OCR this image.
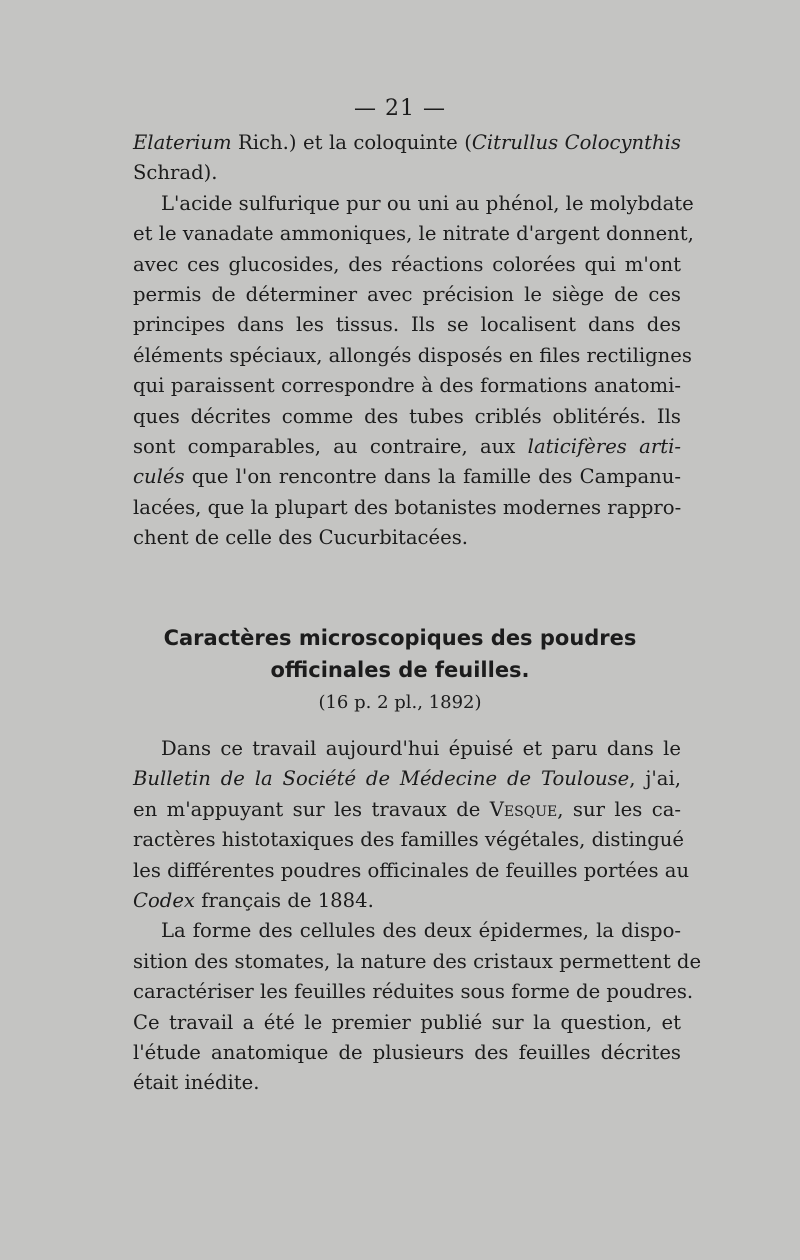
— 21 —
Elaterium Rich.) et la coloquinte (Citrullus Colocynthis
Schrad).
L'acide sulfurique pur ou uni au phénol, le molybdate
et le vanadate ammoniques, le nitrate d'argent donnent,
avec ces glucosides, des réactions colorées qui m'ont
permis de déterminer avec précision le siège de ces
principes dans les tissus. Ils se localisent dans des
éléments spéciaux, allongés disposés en files rectilignes
qui paraissent correspondre à des formations anatomi-
ques décrites comme des tubes criblés oblitérés. Ils
sont comparables, au contraire, aux laticifères arti-
culés que l'on rencontre dans la famille des Campanu-
lacées, que la plupart des botanistes modernes rappro-
chent de celle des Cucurbitacées.
Caractères microscopiques des poudres
officinales de feuilles.
(16 p. 2 pl., 1892)
Dans ce travail aujourd'hui épuisé et paru dans le
Bulletin de la Société de Médecine de Toulouse, j'ai,
en m'appuyant sur les travaux de Vesque, sur les ca-
ractères histotaxiques des familles végétales, distingué
les différentes poudres officinales de feuilles portées au
Codex français de 1884.
La forme des cellules des deux épidermes, la dispo-
sition des stomates, la nature des cristaux permettent de
caractériser les feuilles réduites sous forme de poudres.
Ce travail a été le premier publié sur la question, et
l'étude anatomique de plusieurs des feuilles décrites
était inédite.
